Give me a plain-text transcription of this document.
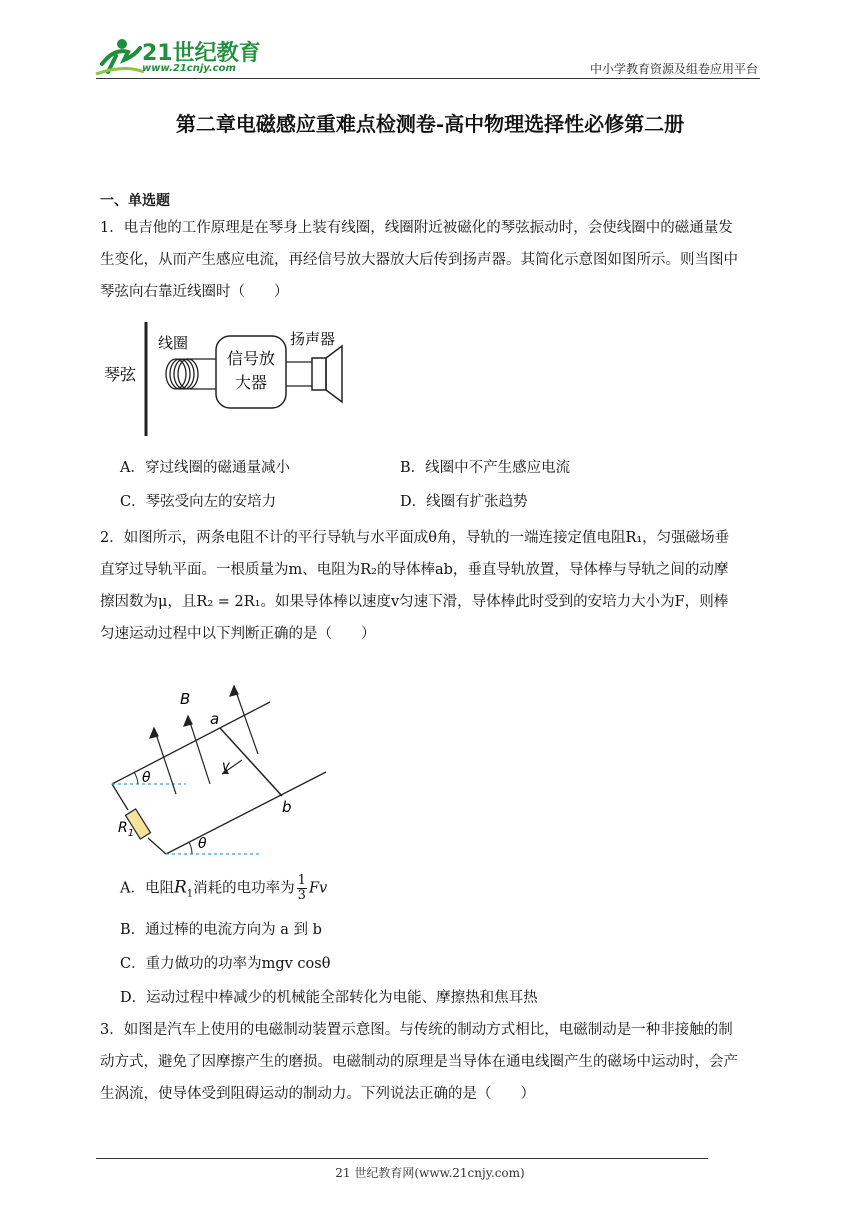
21世纪教育
www.21cnjy.com	中小学教育资源及组卷应用平台
第二章电磁感应重难点检测卷-高中物理选择性必修第二册
一、单选题
1．电吉他的工作原理是在琴身上装有线圈，线圈附近被磁化的琴弦振动时，会使线圈中的磁通量发
生变化，从而产生感应电流，再经信号放大器放大后传到扬声器。其简化示意图如图所示。则当图中
琴弦向右靠近线圈时（　　）
琴弦
线圈
信号放
大器
扬声器
A．穿过线圈的磁通量减小	B．线圈中不产生感应电流
C．琴弦受向左的安培力	D．线圈有扩张趋势
2．如图所示，两条电阻不计的平行导轨与水平面成θ角，导轨的一端连接定值电阻R₁，匀强磁场垂
直穿过导轨平面。一根质量为m、电阻为R₂的导体棒ab，垂直导轨放置，导体棒与导轨之间的动摩
擦因数为μ，且R₂ = 2R₁。如果导体棒以速度v匀速下滑，导体棒此时受到的安培力大小为F，则棒
匀速运动过程中以下判断正确的是（　　）
θ
θ
a
b
v
B
$R_1$
A．电阻$R_1$消耗的电功率为 $\frac{1}{3}$ Fv
B．通过棒的电流方向为 a 到 b
C．重力做功的功率为mgv cosθ
D．运动过程中棒减少的机械能全部转化为电能、摩擦热和焦耳热
3．如图是汽车上使用的电磁制动装置示意图。与传统的制动方式相比，电磁制动是一种非接触的制
动方式，避免了因摩擦产生的磨损。电磁制动的原理是当导体在通电线圈产生的磁场中运动时，会产
生涡流，使导体受到阻碍运动的制动力。下列说法正确的是（　　）
21 世纪教育网(www.21cnjy.com)
